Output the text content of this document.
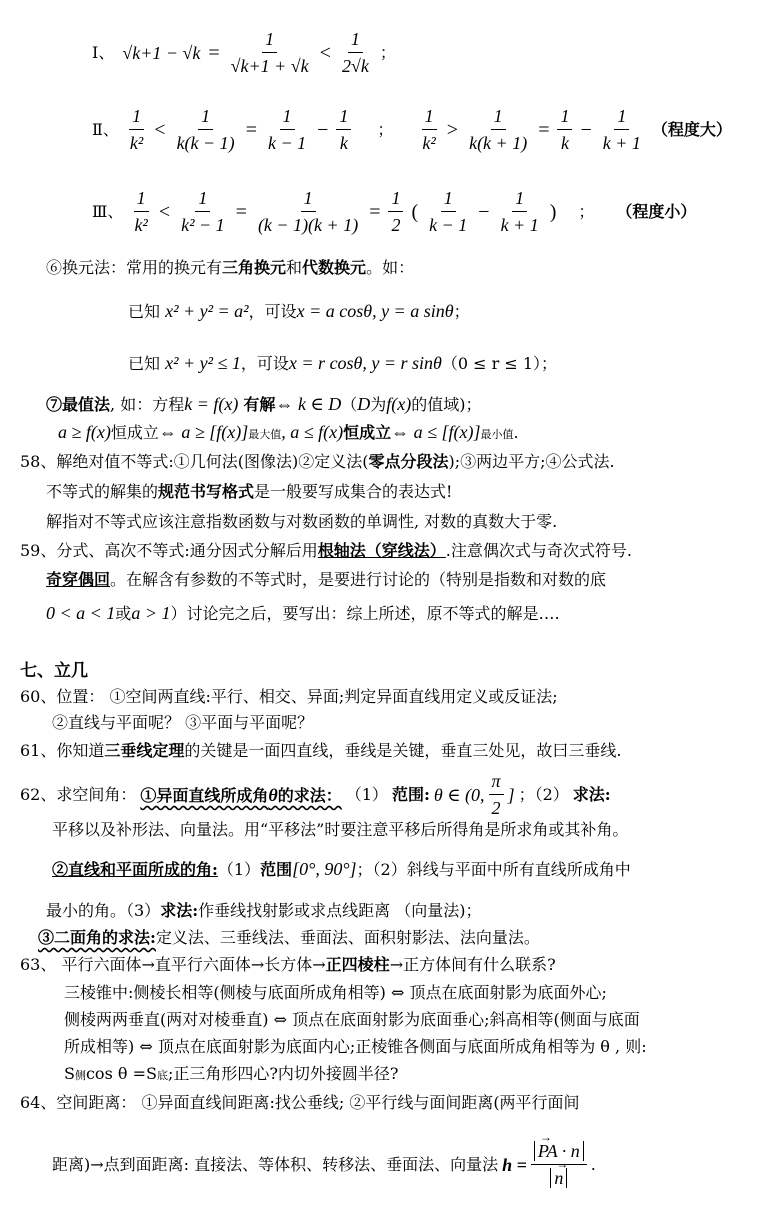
Ⅰ、 $√k+1 - √k = \frac{1}{√k+1 + √k} < \frac{1}{2√k}$ ；
Ⅱ、 $\frac{1}{\text{k²}} < \frac{1}{k(k - 1)} = \frac{1}{k - 1} - \frac{1}{k}$ ； $\frac{1}{\text{k²}} > \frac{1}{k(k + 1)} = \frac{1}{k} - \frac{1}{k + 1}$ （程度大）
Ⅲ、 $\frac{1}{\text{k²}} < \frac{1}{\text{k² − 1}} = \frac{1}{(k - 1)(k + 1)} = \frac{1}{2}$ ( $\frac{1}{k - 1} - \frac{1}{k + 1}$ ) ； （程度小）
⑥换元法：常用的换元有三角换元和代数换元。如：
已知 x² + y² = a²，可设x = a cosθ, y = a sinθ；
已知 x² + y² ≤ 1，可设x = r cosθ, y = r sinθ（0 ≤ r ≤ 1）；
⑦最值法, 如：方程k = f(x) 有解⇔ k ∈ D（D为f(x)的值域)；
a ≥ f(x)恒成立⇔ a ≥ [f(x)]最大值, a ≤ f(x)恒成立⇔ a ≤ [f(x)]最小值.
58、解绝对值不等式:①几何法(图像法)②定义法(零点分段法);③两边平方;④公式法.
不等式的解集的规范书写格式是一般要写成集合的表达式!
解指对不等式应该注意指数函数与对数函数的单调性, 对数的真数大于零.
59、分式、高次不等式:通分因式分解后用根轴法（穿线法）.注意偶次式与奇次式符号.
奇穿偶回。在解含有参数的不等式时，是要进行讨论的（特别是指数和对数的底
0 < a < 1或a > 1）讨论完之后，要写出：综上所述，原不等式的解是….
七、立几
60、位置： ①空间两直线:平行、相交、异面;判定异面直线用定义或反证法;
②直线与平面呢？ ③平面与平面呢？
61、你知道三垂线定理的关键是一面四直线，垂线是关键，垂直三处见，故曰三垂线.
62、求空间角： ①异面直线所成角θ的求法： （1） 范围: θ ∈ (0, $\frac{\pi}{2}$ ] ；（2） 求法:
平移以及补形法、向量法。用“平移法”时要注意平移后所得角是所求角或其补角。
②直线和平面所成的角:（1）范围[0°, 90°]；（2）斜线与平面中所有直线所成角中
最小的角。（3）求法:作垂线找射影或求点线距离 （向量法)；
③二面角的求法:定义法、三垂线法、垂面法、面积射影法、法向量法。
63、 平行六面体→直平行六面体→长方体→正四棱柱→正方体间有什么联系?
三棱锥中:侧棱长相等(侧棱与底面所成角相等) ⇔ 顶点在底面射影为底面外心;
侧棱两两垂直(两对对棱垂直) ⇔ 顶点在底面射影为底面垂心;斜高相等(侧面与底面
所成相等) ⇔ 顶点在底面射影为底面内心;正棱锥各侧面与底面所成角相等为 θ , 则:
S侧cos θ =S底;正三角形四心?内切外接圆半径?
64、空间距离： ①异面直线间距离:找公垂线; ②平行线与面间距离(两平行面间
距离)→点到面距离: 直接法、等体积、转移法、垂面法、向量法 h = → PA · n
→ n .
